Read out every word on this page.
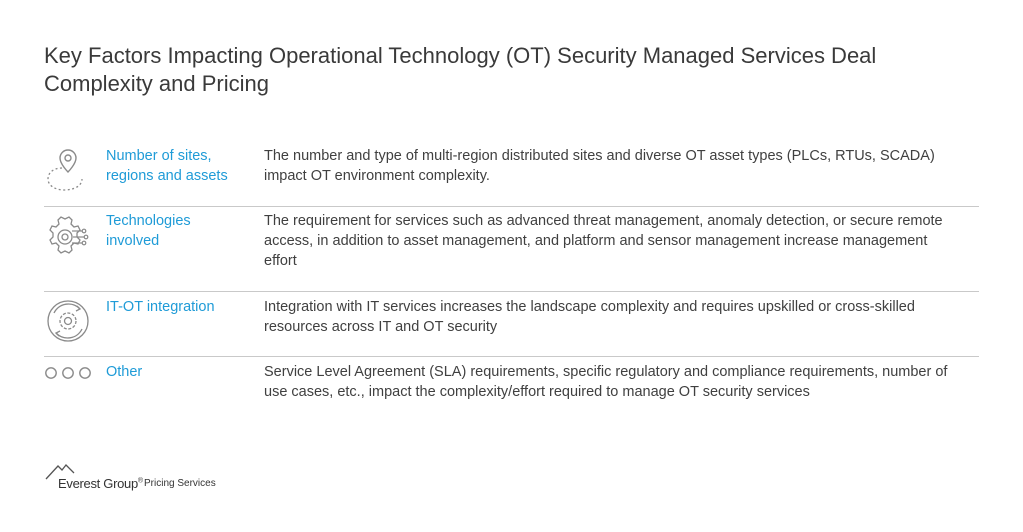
Key Factors Impacting Operational Technology (OT) Security Managed Services Deal Complexity and Pricing
Number of sites, regions and assets
The number and type of multi-region distributed sites and diverse OT asset types (PLCs, RTUs, SCADA) impact OT environment complexity.
Technologies involved
The requirement for services such as advanced threat management, anomaly detection, or secure remote access, in addition to asset management, and platform and sensor management increase management effort
IT-OT integration	Integration with IT services increases the landscape complexity and requires upskilled or cross-skilled resources across IT and OT security
Other	Service Level Agreement (SLA) requirements, specific regulatory and compliance requirements, number of use cases, etc., impact the complexity/effort required to manage OT security services
Everest Group® Pricing Services
